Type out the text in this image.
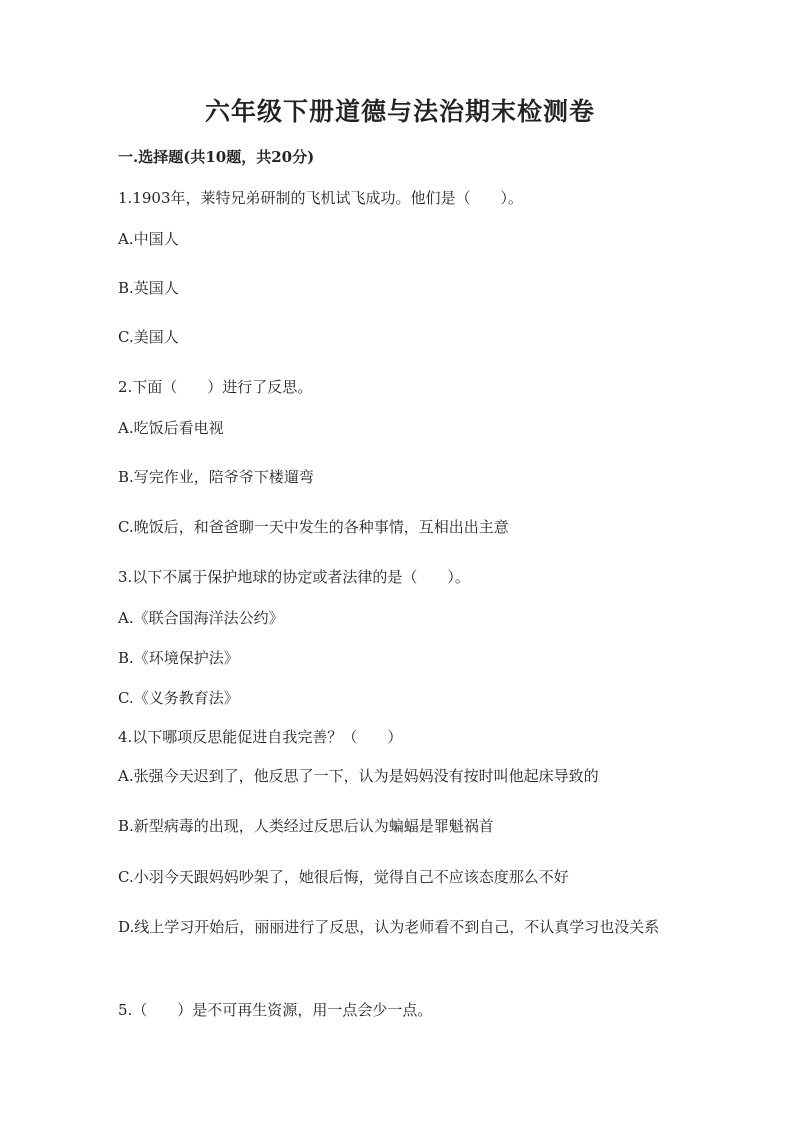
六年级下册道德与法治期末检测卷
一.选择题(共10题，共20分)
1.1903年，莱特兄弟研制的飞机试飞成功。他们是（　　）。
A.中国人
B.英国人
C.美国人
2.下面（　　）进行了反思。
A.吃饭后看电视
B.写完作业，陪爷爷下楼遛弯
C.晚饭后，和爸爸聊一天中发生的各种事情，互相出出主意
3.以下不属于保护地球的协定或者法律的是（　　）。
A.《联合国海洋法公约》
B.《环境保护法》
C.《义务教育法》
4.以下哪项反思能促进自我完善？（　　）
A.张强今天迟到了，他反思了一下，认为是妈妈没有按时叫他起床导致的
B.新型病毒的出现，人类经过反思后认为蝙蝠是罪魁祸首
C.小羽今天跟妈妈吵架了，她很后悔，觉得自己不应该态度那么不好
D.线上学习开始后，丽丽进行了反思，认为老师看不到自己，不认真学习也没关系
5.（　　）是不可再生资源，用一点会少一点。
